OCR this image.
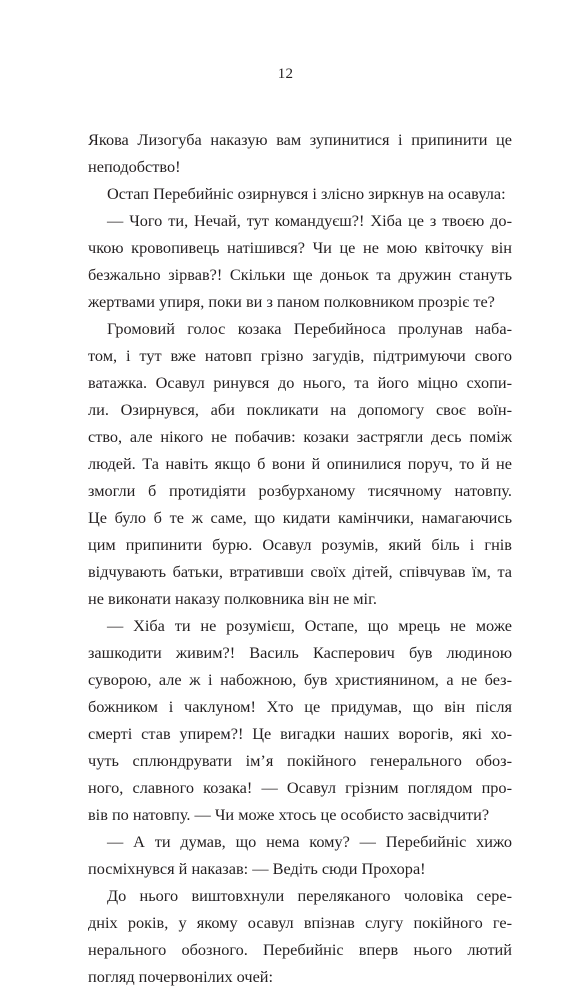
12
Якова Лизогуба наказую вам зупинитися і припинити це
неподобство!
Остап Перебийніс озирнувся і злісно зиркнув на осавула:
— Чого ти, Нечай, тут командуєш?! Хіба це з твоєю до-
чкою кровопивець натішився? Чи це не мою квіточку він
безжально зірвав?! Скільки ще доньок та дружин стануть
жертвами упиря, поки ви з паном полковником прозріє те?
Громовий голос козака Перебийноса пролунав наба-
том, і тут вже натовп грізно загудів, підтримуючи свого
ватажка. Осавул ринувся до нього, та його міцно схопи-
ли. Озирнувся, аби покликати на допомогу своє воїн-
ство, але нікого не побачив: козаки застрягли десь поміж
людей. Та навіть якщо б вони й опинилися поруч, то й не
змогли б протидіяти розбурханому тисячному натовпу.
Це було б те ж саме, що кидати камінчики, намагаючись
цим припинити бурю. Осавул розумів, який біль і гнів
відчувають батьки, втративши своїх дітей, співчував їм, та
не виконати наказу полковника він не міг.
— Хіба ти не розумієш, Остапе, що мрець не може
зашкодити живим?! Василь Касперович був людиною
суворою, але ж і набожною, був християнином, а не без-
божником і чаклуном! Хто це придумав, що він після
смерті став упирем?! Це вигадки наших ворогів, які хо-
чуть сплюндрувати ім’я покійного генерального обоз-
ного, славного козака! — Осавул грізним поглядом про-
вів по натовпу. — Чи може хтось це особисто засвідчити?
— А ти думав, що нема кому? — Перебийніс хижо
посміхнувся й наказав: — Ведіть сюди Прохора!
До нього виштовхнули переляканого чоловіка сере-
дніх років, у якому осавул впізнав слугу покійного ге-
нерального обозного. Перебийніс вперв нього лютий
погляд почервонілих очей:
